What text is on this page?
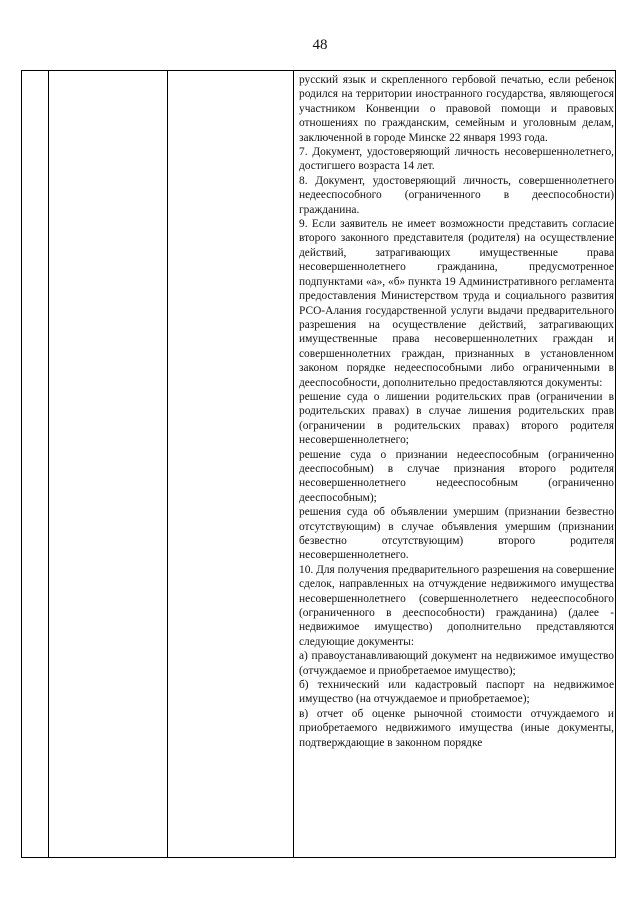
48

русский язык и скрепленного гербовой печатью, если ребенок родился на территории иностранного государства, являющегося участником Конвенции о правовой помощи и правовых отношениях по гражданским, семейным и уголовным делам, заключенной в городе Минске 22 января 1993 года.

7. Документ, удостоверяющий личность несовершеннолетнего, достигшего возраста 14 лет.

8. Документ, удостоверяющий личность, совершеннолетнего недееспособного (ограниченного в дееспособности) гражданина.

9. Если заявитель не имеет возможности представить согласие второго законного представителя (родителя) на осуществление действий, затрагивающих имущественные права несовершеннолетнего гражданина, предусмотренное подпунктами «а», «б» пункта 19 Административного регламента предоставления Министерством труда и социального развития РСО-Алания государственной услуги выдачи предварительного разрешения на осуществление действий, затрагивающих имущественные права несовершеннолетних граждан и совершеннолетних граждан, признанных в установленном законом порядке недееспособными либо ограниченными в дееспособности, дополнительно предоставляются документы:

решение суда о лишении родительских прав (ограничении в родительских правах) в случае лишения родительских прав (ограничении в родительских правах) второго родителя несовершеннолетнего;

решение суда о признании недееспособным (ограниченно дееспособным) в случае признания второго родителя несовершеннолетнего недееспособным (ограниченно дееспособным);

решения суда об объявлении умершим (признании безвестно отсутствующим) в случае объявления умершим (признании безвестно отсутствующим) второго родителя несовершеннолетнего.

10. Для получения предварительного разрешения на совершение сделок, направленных на отчуждение недвижимого имущества несовершеннолетнего (совершеннолетнего недееспособного (ограниченного в дееспособности) гражданина) (далее - недвижимое имущество) дополнительно представляются следующие документы:

а) правоустанавливающий документ на недвижимое имущество (отчуждаемое и приобретаемое имущество);

б) технический или кадастровый паспорт на недвижимое имущество (на отчуждаемое и приобретаемое);

в) отчет об оценке рыночной стоимости отчуждаемого и приобретаемого недвижимого имущества (иные документы, подтверждающие в законном порядке
